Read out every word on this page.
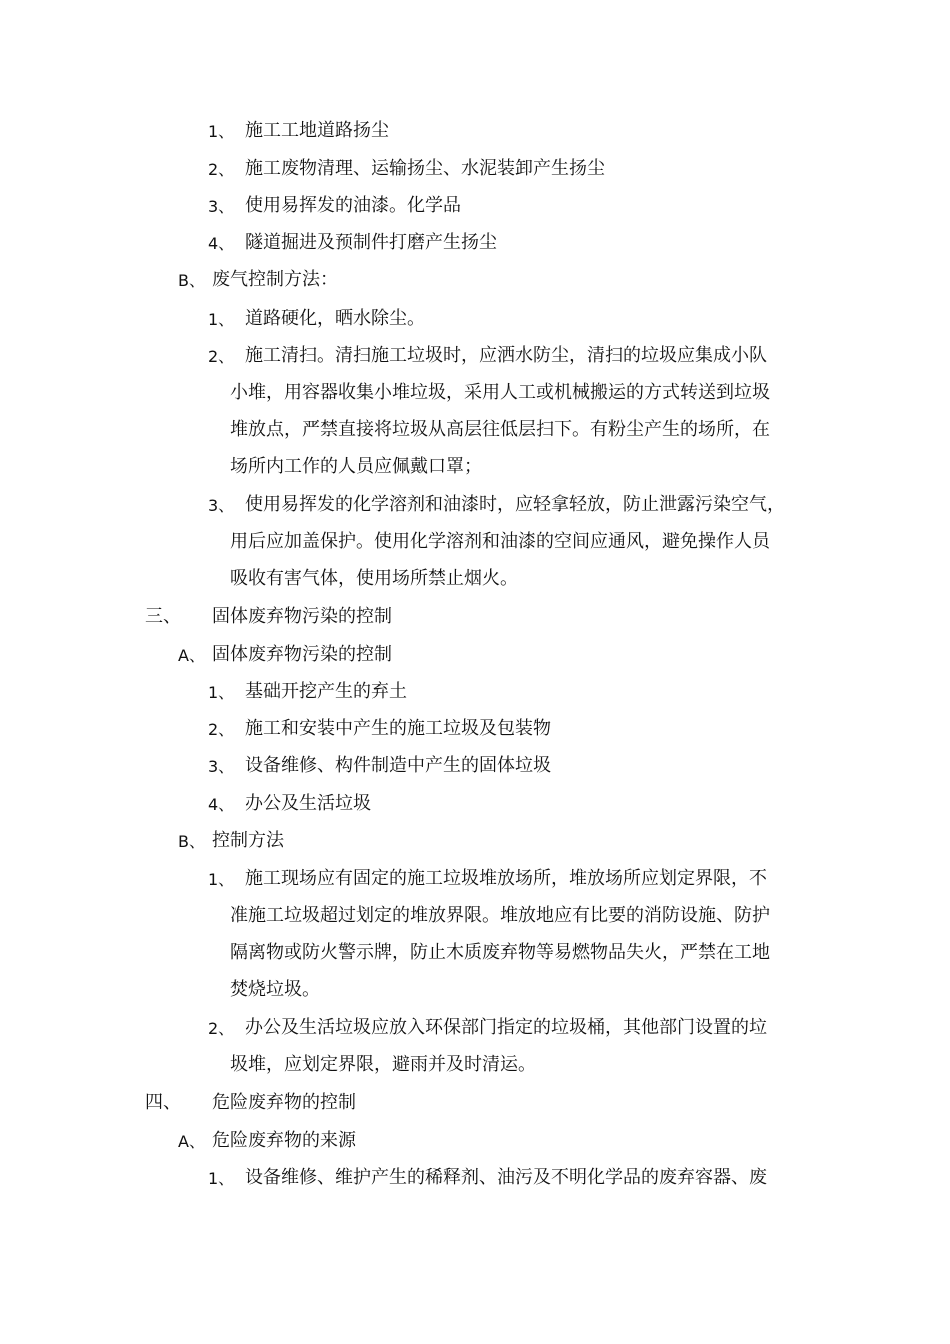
1、 施工工地道路扬尘
2、 施工废物清理、运输扬尘、水泥装卸产生扬尘
3、 使用易挥发的油漆。化学品
4、 隧道掘进及预制件打磨产生扬尘
B、 废气控制方法：
1、 道路硬化，晒水除尘。
2、 施工清扫。清扫施工垃圾时，应洒水防尘，清扫的垃圾应集成小队
小堆，用容器收集小堆垃圾，采用人工或机械搬运的方式转送到垃圾
堆放点，严禁直接将垃圾从高层往低层扫下。有粉尘产生的场所，在
场所内工作的人员应佩戴口罩；
3、 使用易挥发的化学溶剂和油漆时，应轻拿轻放，防止泄露污染空气，
用后应加盖保护。使用化学溶剂和油漆的空间应通风，避免操作人员
吸收有害气体，使用场所禁止烟火。
三、 固体废弃物污染的控制
A、 固体废弃物污染的控制
1、 基础开挖产生的弃土
2、 施工和安装中产生的施工垃圾及包装物
3、 设备维修、构件制造中产生的固体垃圾
4、 办公及生活垃圾
B、 控制方法
1、 施工现场应有固定的施工垃圾堆放场所，堆放场所应划定界限，不
准施工垃圾超过划定的堆放界限。堆放地应有比要的消防设施、防护
隔离物或防火警示牌，防止木质废弃物等易燃物品失火，严禁在工地
焚烧垃圾。
2、 办公及生活垃圾应放入环保部门指定的垃圾桶，其他部门设置的垃
圾堆，应划定界限，避雨并及时清运。
四、 危险废弃物的控制
A、 危险废弃物的来源
1、 设备维修、维护产生的稀释剂、油污及不明化学品的废弃容器、废
